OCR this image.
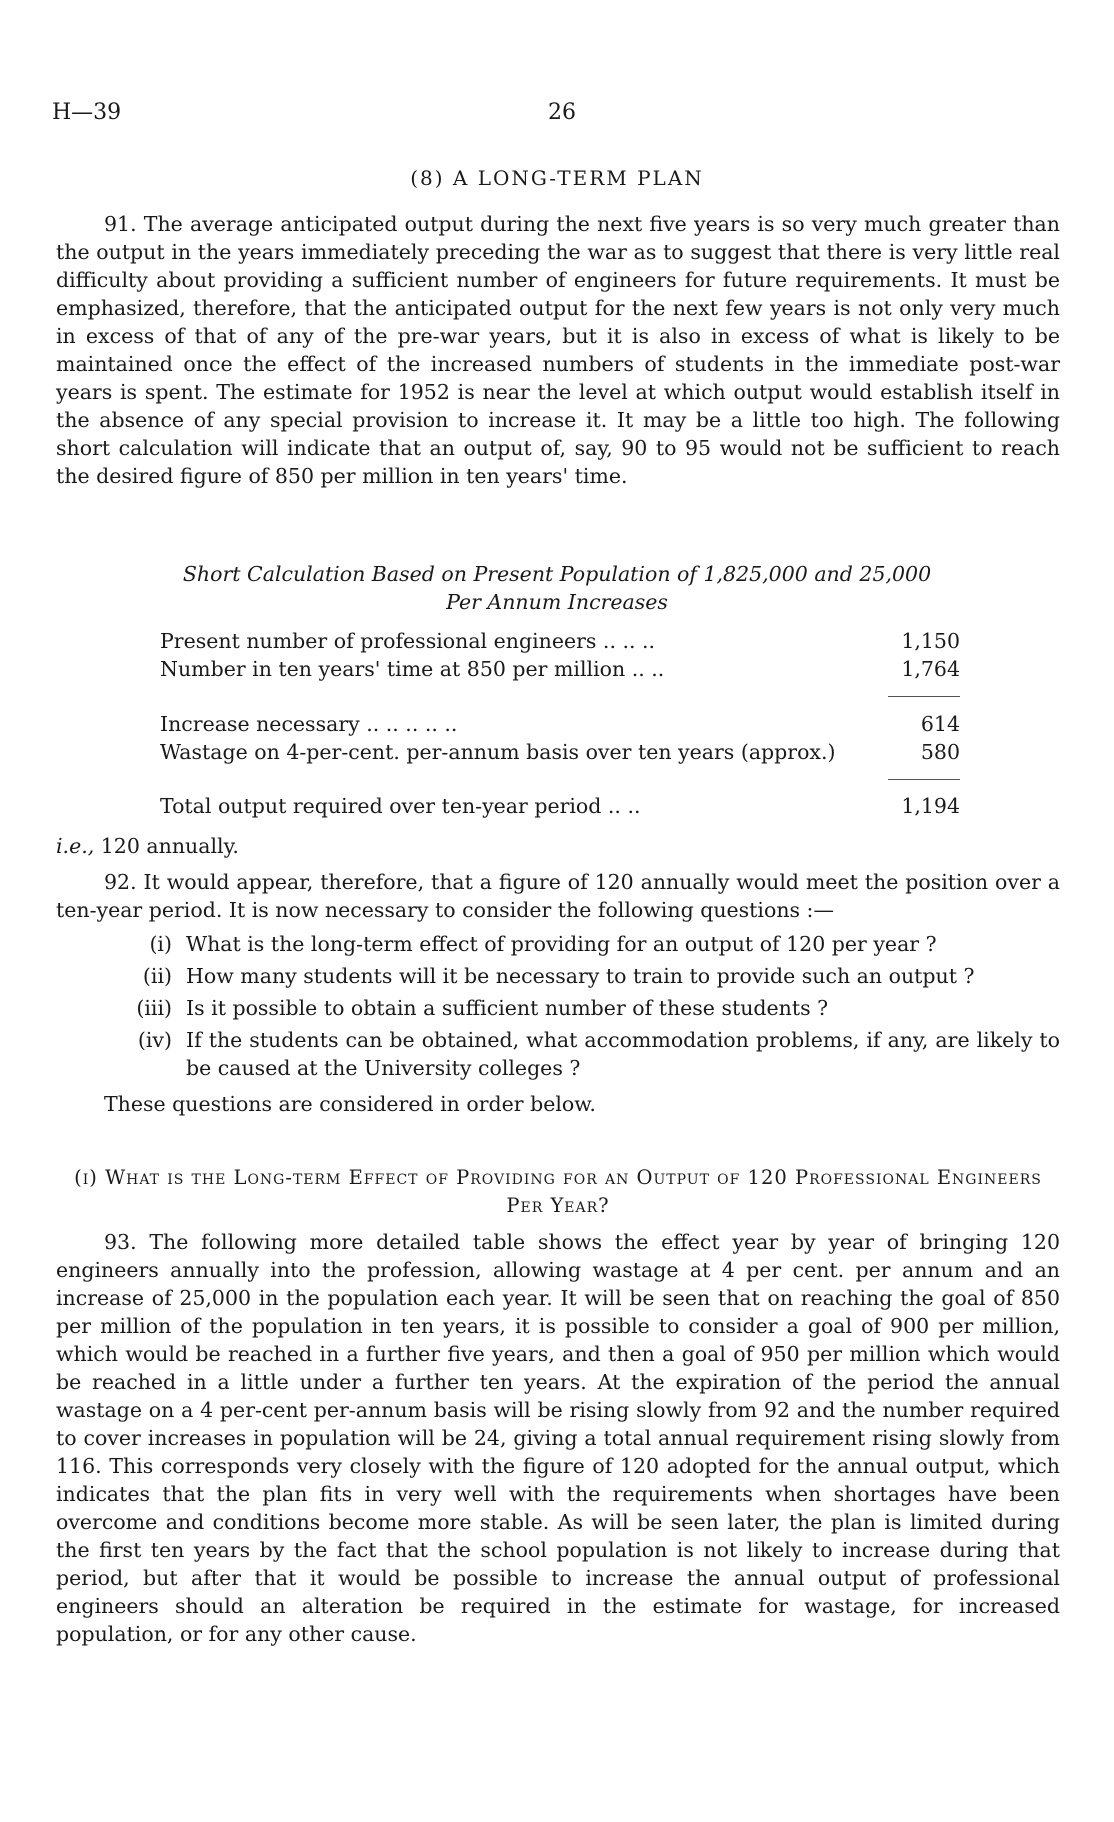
H—39	26
(8) A LONG-TERM PLAN

91. The average anticipated output during the next five years is so very much greater than the output in the years immediately preceding the war as to suggest that there is very little real difficulty about providing a sufficient number of engineers for future requirements. It must be emphasized, therefore, that the anticipated output for the next few years is not only very much in excess of that of any of the pre-war years, but it is also in excess of what is likely to be maintained once the effect of the increased numbers of students in the immediate post-war years is spent. The estimate for 1952 is near the level at which output would establish itself in the absence of any special provision to increase it. It may be a little too high. The following short calculation will indicate that an output of, say, 90 to 95 would not be sufficient to reach the desired figure of 850 per million in ten years' time.

Short Calculation Based on Present Population of 1,825,000 and 25,000
Per Annum Increases
Present number of professional engineers .. .. ..	1,150
Number in ten years' time at 850 per million .. ..	1,764
Increase necessary .. .. .. .. ..	614
Wastage on 4-per-cent. per-annum basis over ten years (approx.)	580
Total output required over ten-year period .. ..	1,194
i.e., 120 annually.

92. It would appear, therefore, that a figure of 120 annually would meet the position over a ten-year period. It is now necessary to consider the following questions :—

(i) What is the long-term effect of providing for an output of 120 per year ?
(ii) How many students will it be necessary to train to provide such an output ?
(iii) Is it possible to obtain a sufficient number of these students ?
(iv) If the students can be obtained, what accommodation problems, if any, are likely to be caused at the University colleges ?

These questions are considered in order below.

(i) What is the Long-term Effect of Providing for an Output of 120 Professional Engineers Per Year?

93. The following more detailed table shows the effect year by year of bringing 120 engineers annually into the profession, allowing wastage at 4 per cent. per annum and an increase of 25,000 in the population each year. It will be seen that on reaching the goal of 850 per million of the population in ten years, it is possible to consider a goal of 900 per million, which would be reached in a further five years, and then a goal of 950 per million which would be reached in a little under a further ten years. At the expiration of the period the annual wastage on a 4 per-cent per-annum basis will be rising slowly from 92 and the number required to cover increases in population will be 24, giving a total annual requirement rising slowly from 116. This corresponds very closely with the figure of 120 adopted for the annual output, which indicates that the plan fits in very well with the requirements when shortages have been overcome and conditions become more stable. As will be seen later, the plan is limited during the first ten years by the fact that the school population is not likely to increase during that period, but after that it would be possible to increase the annual output of professional engineers should an alteration be required in the estimate for wastage, for increased population, or for any other cause.
